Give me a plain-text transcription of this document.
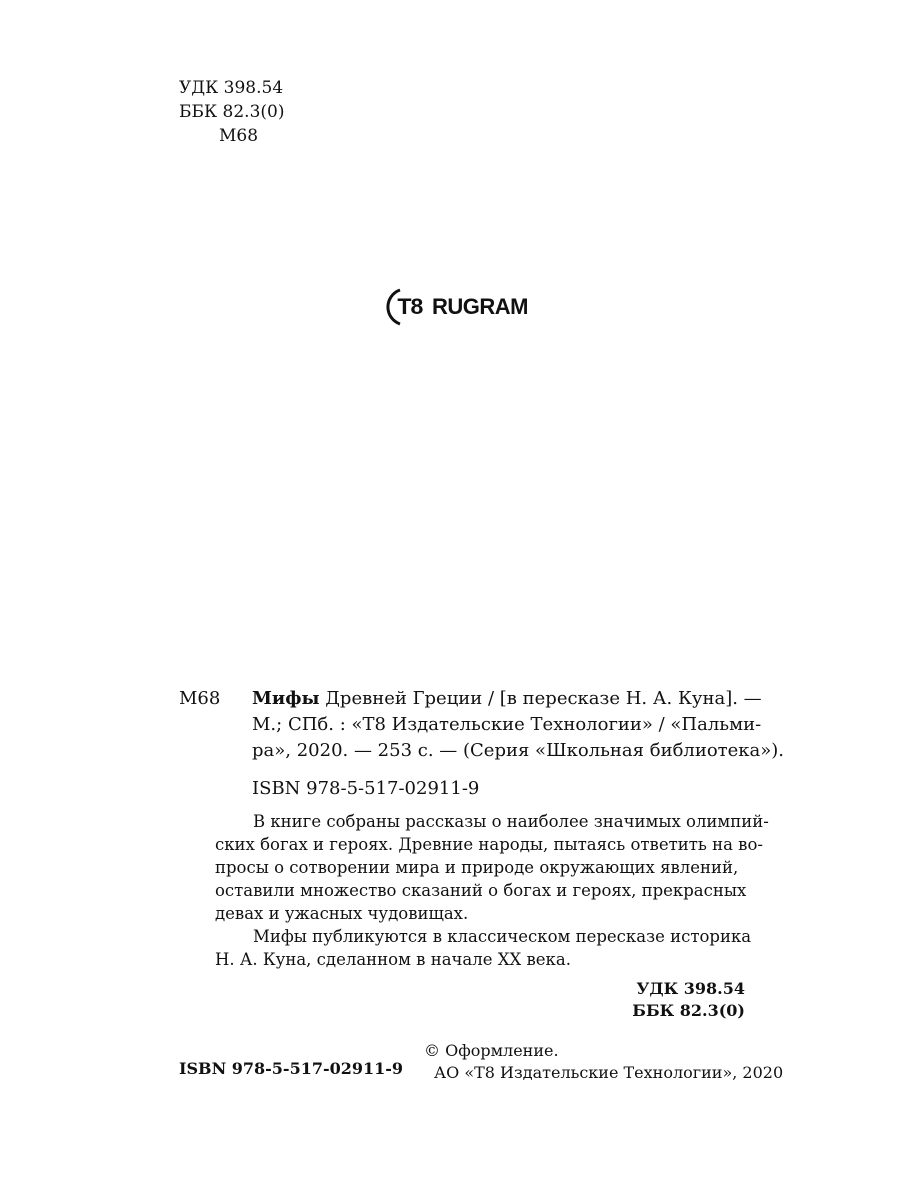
УДК 398.54
ББК 82.3(0)
М68
T8 RUGRAM
М68 Мифы Древней Греции / [в пересказе Н. А. Куна]. —
М.; СПб. : «Т8 Издательские Технологии» / «Пальми-
ра», 2020. — 253 с. — (Серия «Школьная библиотека»).
ISBN 978-5-517-02911-9
В книге собраны рассказы о наиболее значимых олимпий-
ских богах и героях. Древние народы, пытаясь ответить на во-
просы о сотворении мира и природе окружающих явлений,
оставили множество сказаний о богах и героях, прекрасных
девах и ужасных чудовищах.
Мифы публикуются в классическом пересказе историка
Н. А. Куна, сделанном в начале XX века.
УДК 398.54
ББК 82.3(0)
© Оформление.
АО «Т8 Издательские Технологии», 2020
ISBN 978-5-517-02911-9
